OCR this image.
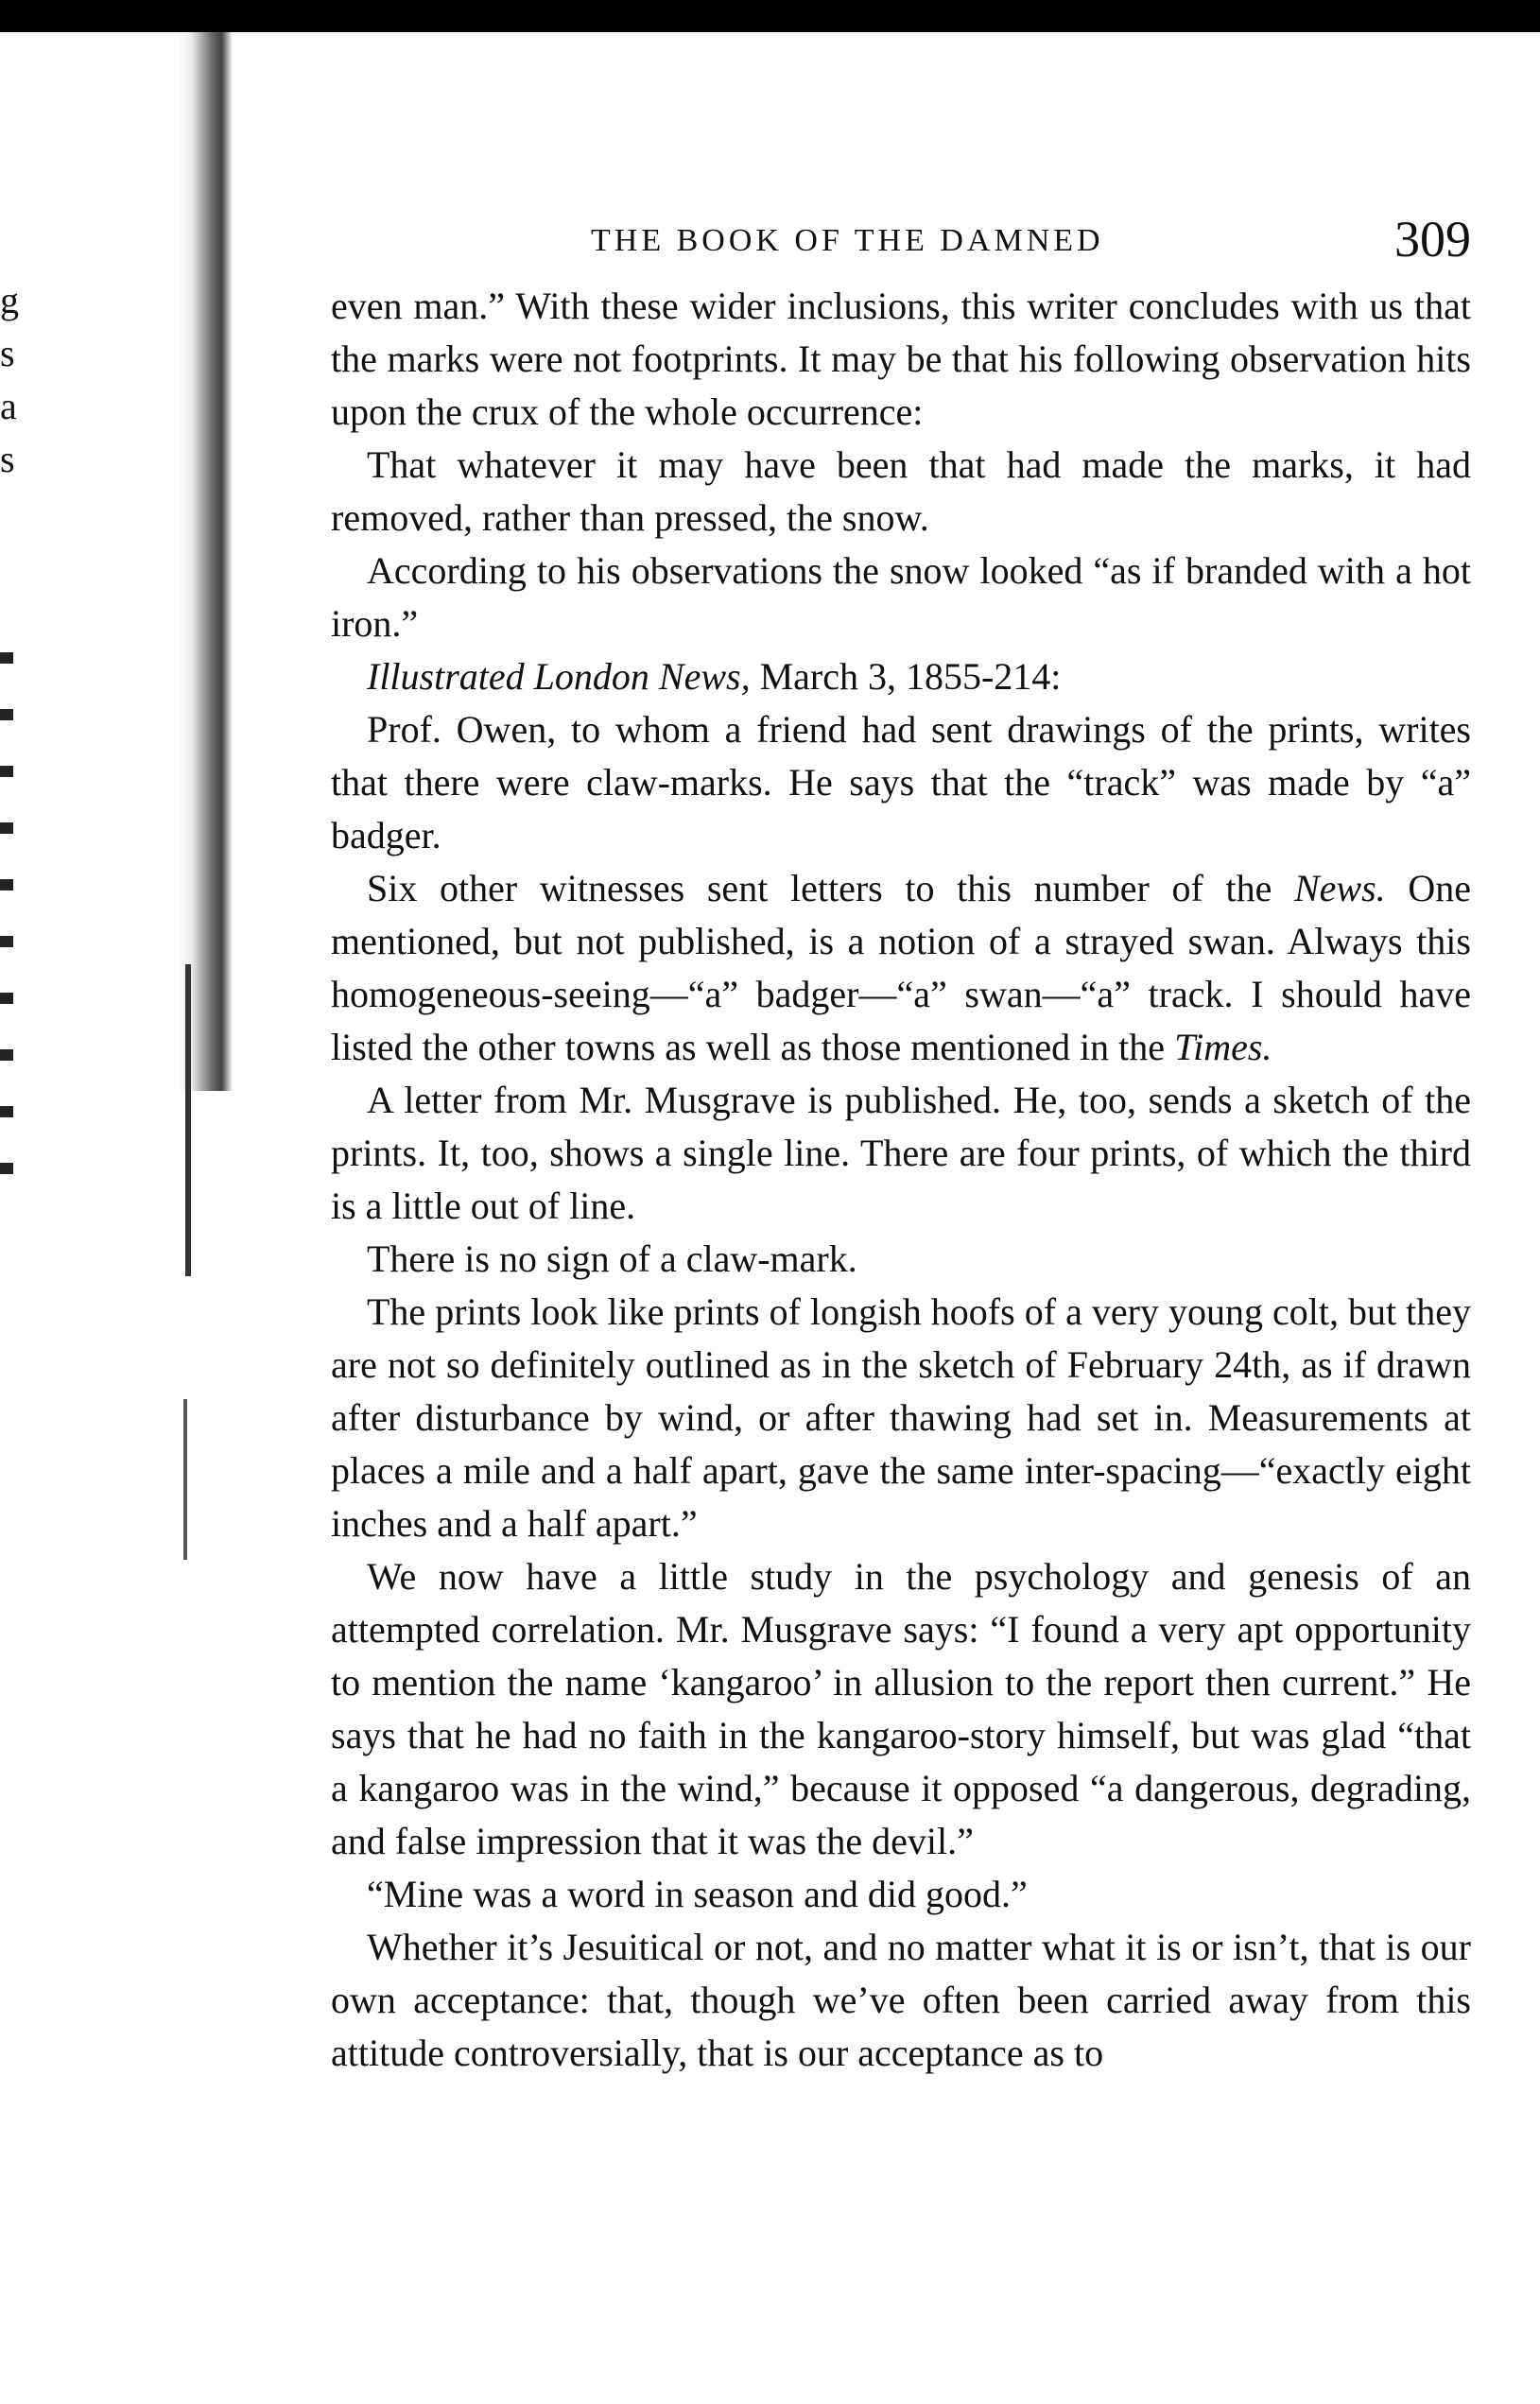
g
s
a
s
THE BOOK OF THE DAMNED	309

even man.” With these wider inclusions, this writer concludes with us that the marks were not footprints. It may be that his following observation hits upon the crux of the whole occurrence:

That whatever it may have been that had made the marks, it had removed, rather than pressed, the snow.

According to his observations the snow looked “as if branded with a hot iron.”

Illustrated London News, March 3, 1855-214:

Prof. Owen, to whom a friend had sent drawings of the prints, writes that there were claw-marks. He says that the “track” was made by “a” badger.

Six other witnesses sent letters to this number of the News. One mentioned, but not published, is a notion of a strayed swan. Always this homogeneous-seeing—“a” badger—“a” swan—“a” track. I should have listed the other towns as well as those mentioned in the Times.

A letter from Mr. Musgrave is published. He, too, sends a sketch of the prints. It, too, shows a single line. There are four prints, of which the third is a little out of line.

There is no sign of a claw-mark.

The prints look like prints of longish hoofs of a very young colt, but they are not so definitely outlined as in the sketch of February 24th, as if drawn after disturbance by wind, or after thawing had set in. Measurements at places a mile and a half apart, gave the same inter-spacing—“exactly eight inches and a half apart.”

We now have a little study in the psychology and genesis of an attempted correlation. Mr. Musgrave says: “I found a very apt opportunity to mention the name ‘kangaroo’ in allusion to the report then current.” He says that he had no faith in the kangaroo-story himself, but was glad “that a kangaroo was in the wind,” because it opposed “a dangerous, degrading, and false impression that it was the devil.”

“Mine was a word in season and did good.”

Whether it’s Jesuitical or not, and no matter what it is or isn’t, that is our own acceptance: that, though we’ve often been carried away from this attitude controversially, that is our acceptance as to
